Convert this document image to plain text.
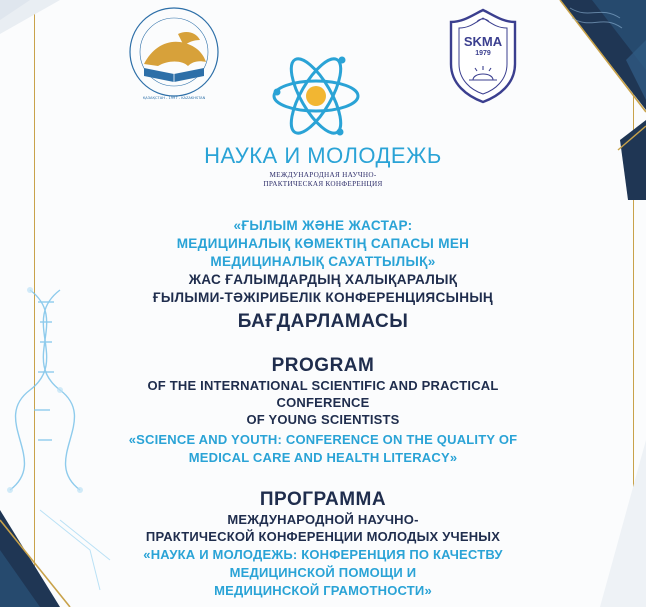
ҚАЗАҚСТАН - 1997 - KAZAKHSTAN
SKMA
1979
НАУКА И МОЛОДЕЖЬ
МЕЖДУНАРОДНАЯ НАУЧНО-
ПРАКТИЧЕСКАЯ КОНФЕРЕНЦИЯ
«ҒЫЛЫМ ЖӘНЕ ЖАСТАР:
МЕДИЦИНАЛЫҚ КӨМЕКТІҢ САПАСЫ МЕН
МЕДИЦИНАЛЫҚ САУАТТЫЛЫҚ»
ЖАС ҒАЛЫМДАРДЫҢ ХАЛЫҚАРАЛЫҚ
ҒЫЛЫМИ-ТӘЖІРИБЕЛІК КОНФЕРЕНЦИЯСЫНЫҢ
БАҒДАРЛАМАСЫ
PROGRAM
OF THE INTERNATIONAL SCIENTIFIC AND PRACTICAL
CONFERENCE
OF YOUNG SCIENTISTS
«SCIENCE AND YOUTH: CONFERENCE ON THE QUALITY OF
MEDICAL CARE AND HEALTH LITERACY»
ПРОГРАММА
МЕЖДУНАРОДНОЙ НАУЧНО-
ПРАКТИЧЕСКОЙ КОНФЕРЕНЦИИ МОЛОДЫХ УЧЕНЫХ
«НАУКА И МОЛОДЕЖЬ: КОНФЕРЕНЦИЯ ПО КАЧЕСТВУ
МЕДИЦИНСКОЙ ПОМОЩИ И
МЕДИЦИНСКОЙ ГРАМОТНОСТИ»
